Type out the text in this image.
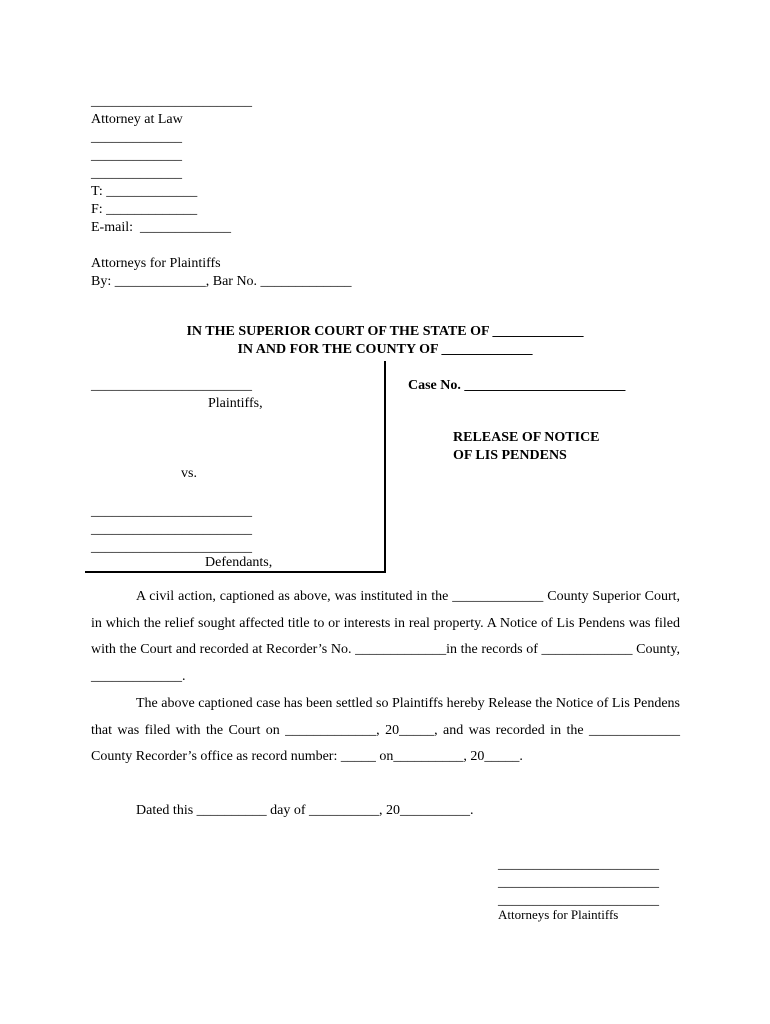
_______________________
Attorney at Law
_____________
_____________
_____________
T: _____________
F: _____________
E-mail:  _____________
Attorneys for Plaintiffs
By: _____________, Bar No. _____________
IN THE SUPERIOR COURT OF THE STATE OF _____________
IN AND FOR THE COUNTY OF _____________
_______________________
Plaintiffs,
vs.
_______________________
_______________________
_______________________
Defendants,
Case No. _______________________
RELEASE OF NOTICE
OF LIS PENDENS

A civil action, captioned as above, was instituted in the _____________ County Superior Court, in which the relief sought affected title to or interests in real property. A Notice of Lis Pendens was filed with the Court and recorded at Recorder’s No. _____________in the records of _____________ County, _____________.

The above captioned case has been settled so Plaintiffs hereby Release the Notice of Lis Pendens that was filed with the Court on _____________, 20_____, and was recorded in the _____________ County Recorder’s office as record number: _____ on__________, 20_____.

Dated this __________ day of __________, 20__________.
_______________________
_______________________
_______________________
Attorneys for Plaintiffs
